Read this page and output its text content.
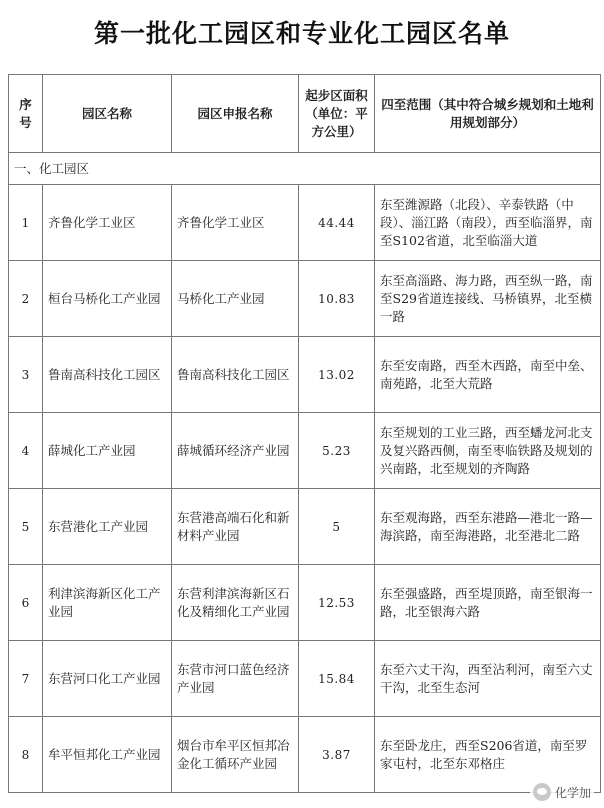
第一批化工园区和专业化工园区名单
序号	园区名称	园区申报名称	起步区面积（单位：平方公里）	四至范围（其中符合城乡规划和土地利用规划部分）
一、化工园区				
1	齐鲁化学工业区	齐鲁化学工业区	44.44	东至潍源路（北段）、辛泰铁路（中段）、淄江路（南段），西至临淄界，南至S102省道，北至临淄大道
2	桓台马桥化工产业园	马桥化工产业园	10.83	东至高淄路、海力路，西至纵一路，南至S29省道连接线、马桥镇界，北至横一路
3	鲁南高科技化工园区	鲁南高科技化工园区	13.02	东至安南路，西至木西路，南至中垒、南苑路，北至大荒路
4	薛城化工产业园	薛城循环经济产业园	5.23	东至规划的工业三路，西至蟠龙河北支及复兴路西侧，南至枣临铁路及规划的兴南路，北至规划的齐陶路
5	东营港化工产业园	东营港高端石化和新材料产业园	5	东至观海路，西至东港路—港北一路—海滨路，南至海港路，北至港北二路
6	利津滨海新区化工产业园	东营利津滨海新区石化及精细化工产业园	12.53	东至强盛路，西至堤顶路，南至银海一路，北至银海六路
7	东营河口化工产业园	东营市河口蓝色经济产业园	15.84	东至六丈干沟，西至沾利河，南至六丈干沟，北至生态河
8	牟平恒邦化工产业园	烟台市牟平区恒邦冶金化工循环产业园	3.87	东至卧龙庄，西至S206省道，南至罗家屯村，北至东邓格庄
化学加
